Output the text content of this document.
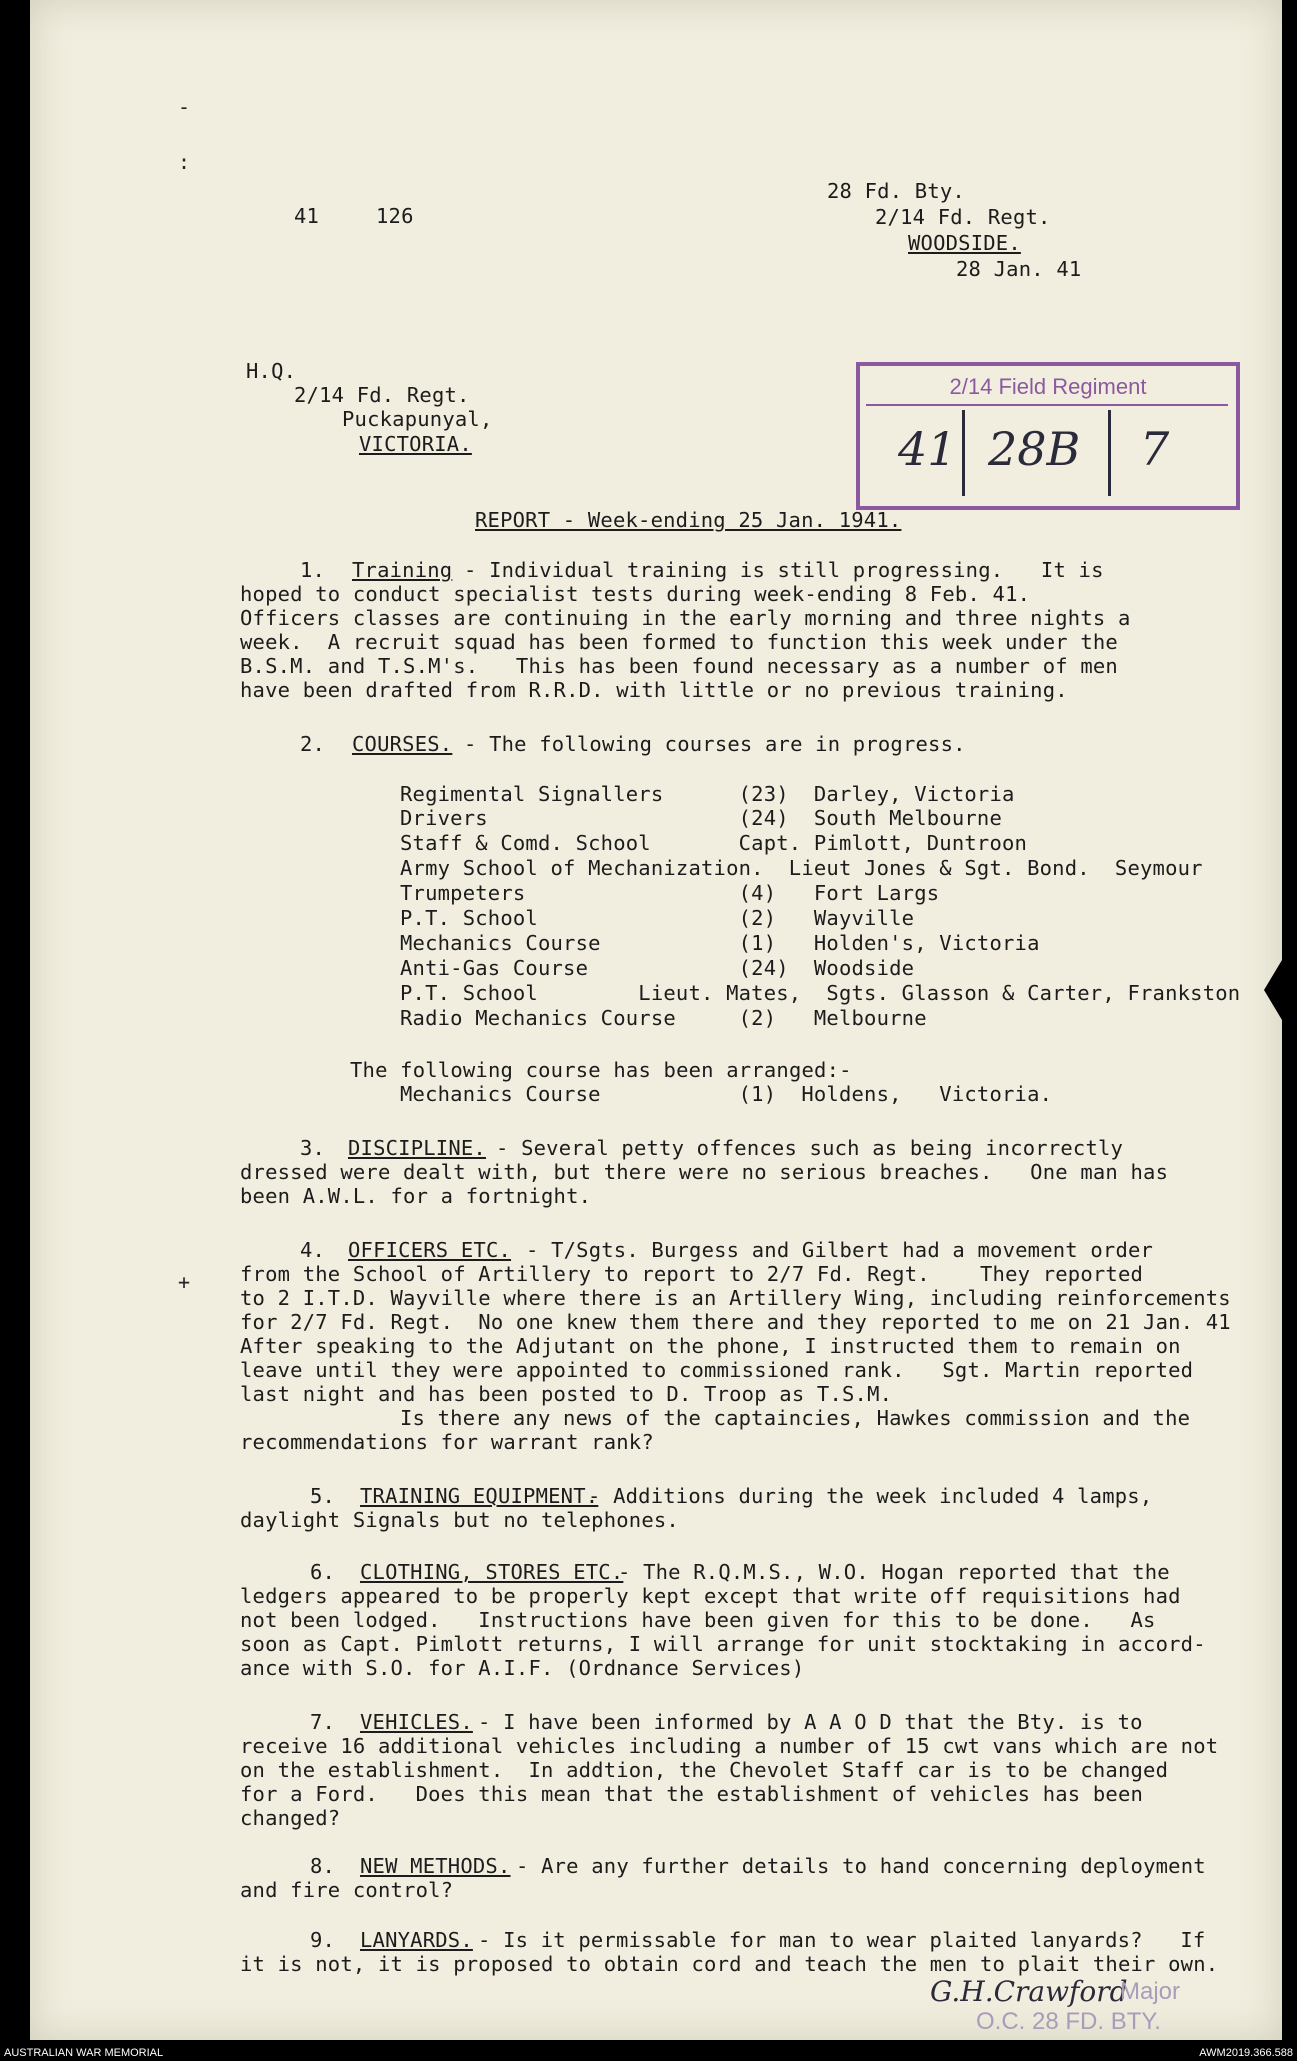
-
:
+
41	126
28 Fd. Bty.
2/14 Fd. Regt.
WOODSIDE.
28 Jan. 41
H.Q.
2/14 Fd. Regt.
Puckapunyal,
VICTORIA.
2/14 Field Regiment
41 28B 7
REPORT - Week-ending 25 Jan. 1941.
1. Training - Individual training is still progressing.   It is
hoped to conduct specialist tests during week-ending 8 Feb. 41.
Officers classes are continuing in the early morning and three nights a
week.  A recruit squad has been formed to function this week under the
B.S.M. and T.S.M's.   This has been found necessary as a number of men
have been drafted from R.R.D. with little or no previous training.
2. COURSES. - The following courses are in progress.
Regimental Signallers      (23)  Darley, Victoria
Drivers                    (24)  South Melbourne
Staff & Comd. School       Capt. Pimlott, Duntroon
Army School of Mechanization.  Lieut Jones & Sgt. Bond.  Seymour
Trumpeters                 (4)   Fort Largs
P.T. School                (2)   Wayville
Mechanics Course           (1)   Holden's, Victoria
Anti-Gas Course            (24)  Woodside
P.T. School        Lieut. Mates,  Sgts. Glasson & Carter, Frankston
Radio Mechanics Course     (2)   Melbourne
The following course has been arranged:-
Mechanics Course           (1)  Holdens,   Victoria.
3. DISCIPLINE. - Several petty offences such as being incorrectly
dressed were dealt with, but there were no serious breaches.   One man has
been A.W.L. for a fortnight.
4. OFFICERS ETC. - T/Sgts. Burgess and Gilbert had a movement order
from the School of Artillery to report to 2/7 Fd. Regt.    They reported
to 2 I.T.D. Wayville where there is an Artillery Wing, including reinforcements
for 2/7 Fd. Regt.  No one knew them there and they reported to me on 21 Jan. 41
After speaking to the Adjutant on the phone, I instructed them to remain on
leave until they were appointed to commissioned rank.   Sgt. Martin reported
last night and has been posted to D. Troop as T.S.M.
Is there any news of the captaincies, Hawkes commission and the
recommendations for warrant rank?
5. TRAINING EQUIPMENT.
- Additions during the week included 4 lamps,
daylight Signals but no telephones.
6. CLOTHING, STORES ETC.
- The R.Q.M.S., W.O. Hogan reported that the
ledgers appeared to be properly kept except that write off requisitions had
not been lodged.   Instructions have been given for this to be done.   As
soon as Capt. Pimlott returns, I will arrange for unit stocktaking in accord-
ance with S.O. for A.I.F. (Ordnance Services)
7. VEHICLES. - I have been informed by A A O D that the Bty. is to
receive 16 additional vehicles including a number of 15 cwt vans which are not
on the establishment.  In addtion, the Chevolet Staff car is to be changed
for a Ford.   Does this mean that the establishment of vehicles has been
changed?
8. NEW METHODS. - Are any further details to hand concerning deployment
and fire control?
9. LANYARDS. - Is it permissable for man to wear plaited lanyards?   If
it is not, it is proposed to obtain cord and teach the men to plait their own.
G.H.Crawford
Major
O.C. 28 FD. BTY.
AUSTRALIAN WAR MEMORIAL	AWM2019.366.588
